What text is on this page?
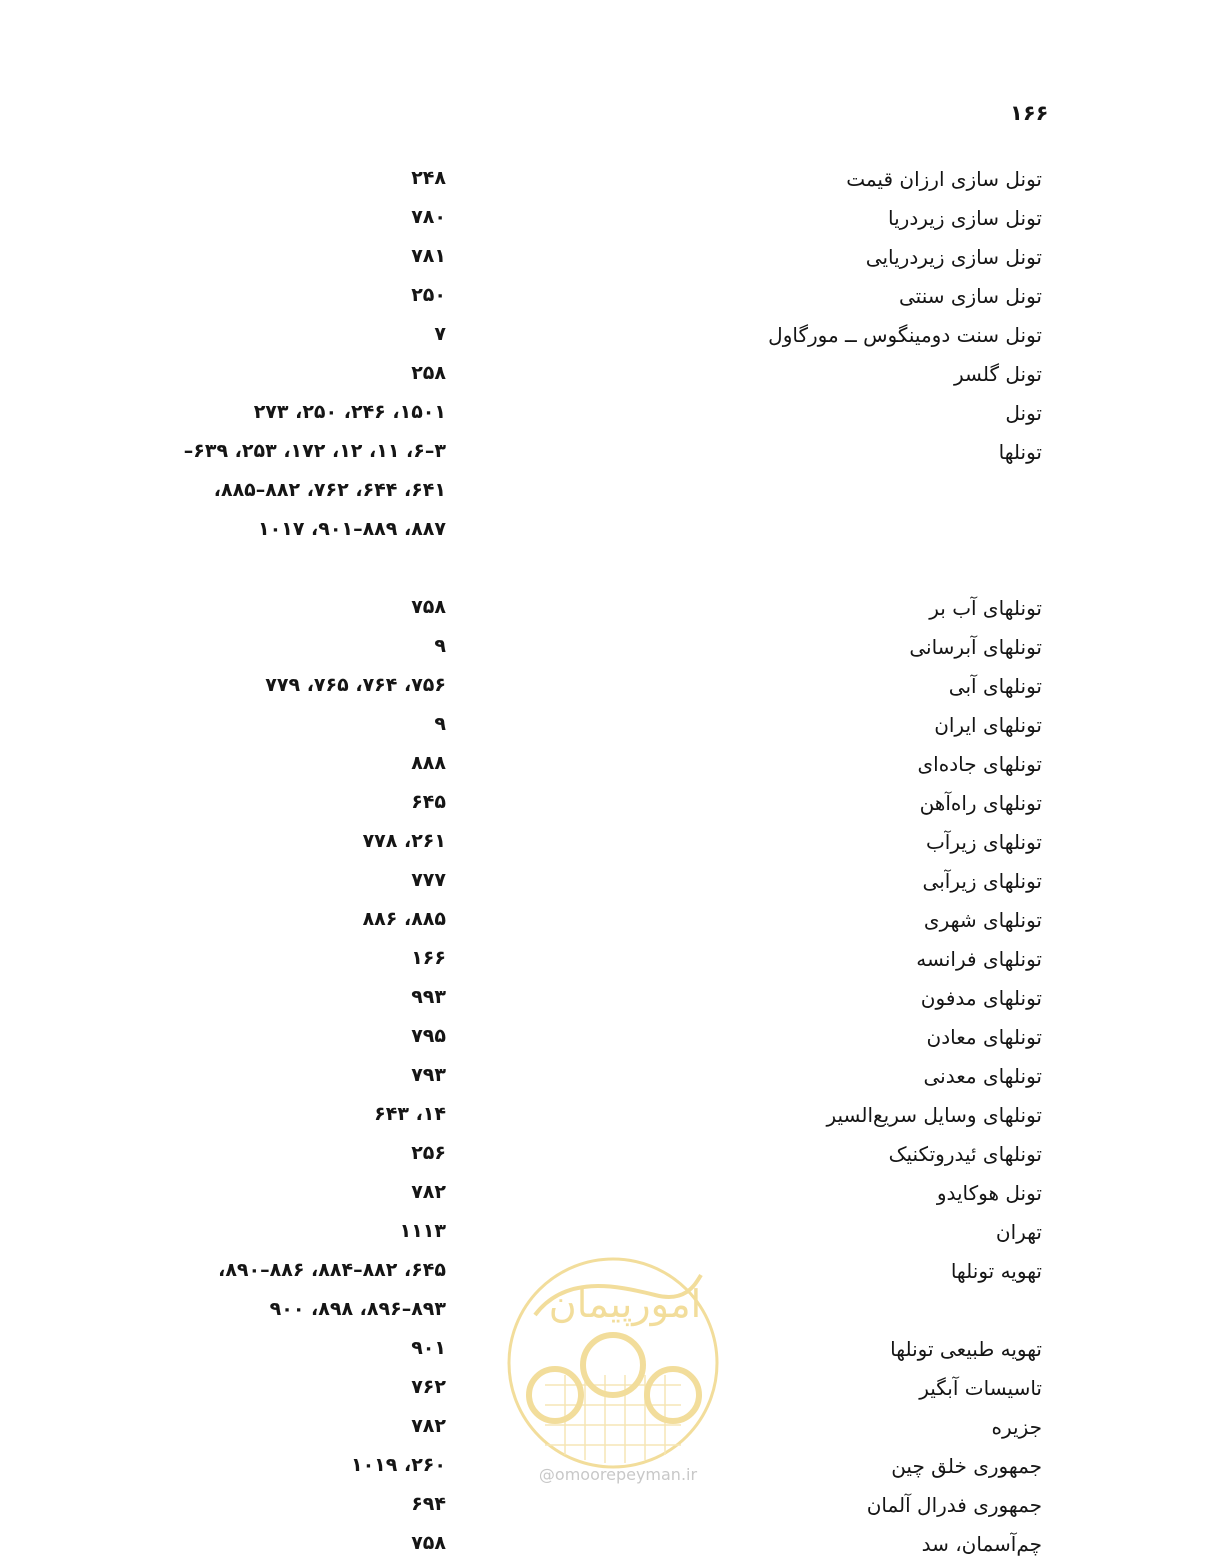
۱۶۶
تونل سازی ارزان قیمت
۲۴۸
تونل سازی زیردریا
۷۸۰
تونل سازی زیردریایی
۷۸۱
تونل سازی سنتی
۲۵۰
تونل سنت دومینگوس ــ مورگاول
۷
تونل گلسر
۲۵۸
تونل
۱۵۰۱، ۲۴۶، ۲۵۰، ۲۷۳
تونلها
۳–۶، ۱۱، ۱۲، ۱۷۲، ۲۵۳، ۶۳۹–
۶۴۱، ۶۴۴، ۷۶۲، ۸۸۲–۸۸۵،
۸۸۷، ۸۸۹–۹۰۱، ۱۰۱۷
تونلهای آب بر
۷۵۸
تونلهای آبرسانی
۹
تونلهای آبی
۷۵۶، ۷۶۴، ۷۶۵، ۷۷۹
تونلهای ایران
۹
تونلهای جاده‌ای
۸۸۸
تونلهای راه‌آهن
۶۴۵
تونلهای زیرآب
۲۶۱، ۷۷۸
تونلهای زیرآبی
۷۷۷
تونلهای شهری
۸۸۵، ۸۸۶
تونلهای فرانسه
۱۶۶
تونلهای مدفون
۹۹۳
تونلهای معادن
۷۹۵
تونلهای معدنی
۷۹۳
تونلهای وسایل سریع‌السیر
۱۴، ۶۴۳
تونلهای ئیدروتکنیک
۲۵۶
تونل هوکایدو
۷۸۲
تهران
۱۱۱۳
تهویه تونلها
۶۴۵، ۸۸۲–۸۸۴، ۸۸۶–۸۹۰،
۸۹۳–۸۹۶، ۸۹۸، ۹۰۰
تهویه طبیعی تونلها
۹۰۱
تاسیسات آبگیر
۷۶۲
جزیره
۷۸۲
جمهوری خلق چین
۲۶۰، ۱۰۱۹
جمهوری فدرال آلمان
۶۹۴
چم‌آسمان، سد
۷۵۸
امورپیمان
@omoorepeyman.ir
